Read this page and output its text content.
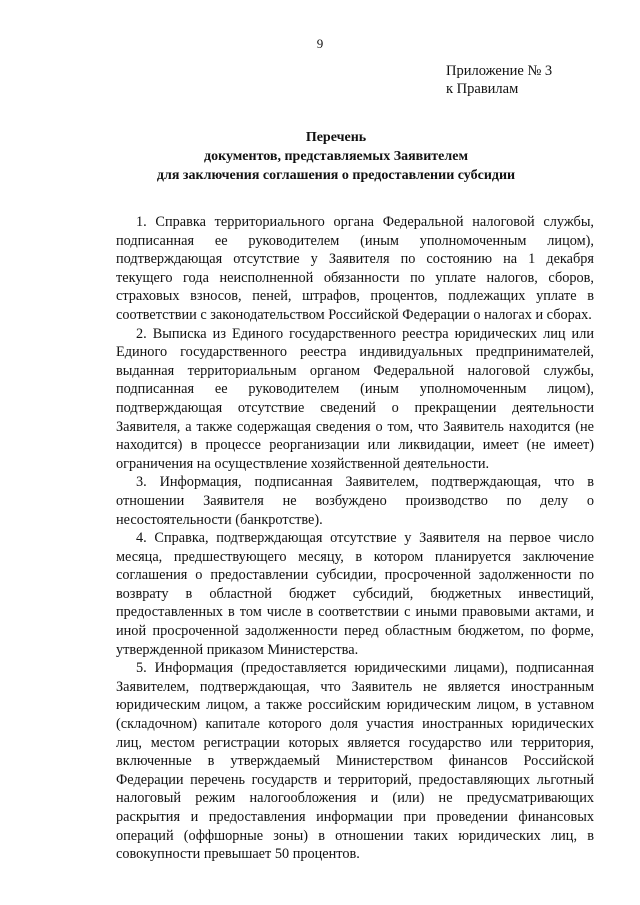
9
Приложение № 3
к Правилам
Перечень
документов, представляемых Заявителем
для заключения соглашения о предоставлении субсидии

1. Справка территориального органа Федеральной налоговой службы, подписанная ее руководителем (иным уполномоченным лицом), подтверждающая отсутствие у Заявителя по состоянию на 1 декабря текущего года неисполненной обязанности по уплате налогов, сборов, страховых взносов, пеней, штрафов, процентов, подлежащих уплате в соответствии с законодательством Российской Федерации о налогах и сборах.

2. Выписка из Единого государственного реестра юридических лиц или Единого государственного реестра индивидуальных предпринимателей, выданная территориальным органом Федеральной налоговой службы, подписанная ее руководителем (иным уполномоченным лицом), подтверждающая отсутствие сведений о прекращении деятельности Заявителя, а также содержащая сведения о том, что Заявитель находится (не находится) в процессе реорганизации или ликвидации, имеет (не имеет) ограничения на осуществление хозяйственной деятельности.

3. Информация, подписанная Заявителем, подтверждающая, что в отношении Заявителя не возбуждено производство по делу о несостоятельности (банкротстве).

4. Справка, подтверждающая отсутствие у Заявителя на первое число месяца, предшествующего месяцу, в котором планируется заключение соглашения о предоставлении субсидии, просроченной задолженности по возврату в областной бюджет субсидий, бюджетных инвестиций, предоставленных в том числе в соответствии с иными правовыми актами, и иной просроченной задолженности перед областным бюджетом, по форме, утвержденной приказом Министерства.

5. Информация (предоставляется юридическими лицами), подписанная Заявителем, подтверждающая, что Заявитель не является иностранным юридическим лицом, а также российским юридическим лицом, в уставном (складочном) капитале которого доля участия иностранных юридических лиц, местом регистрации которых является государство или территория, включенные в утверждаемый Министерством финансов Российской Федерации перечень государств и территорий, предоставляющих льготный налоговый режим налогообложения и (или) не предусматривающих раскрытия и предоставления информации при проведении финансовых операций (оффшорные зоны) в отношении таких юридических лиц, в совокупности превышает 50 процентов.
